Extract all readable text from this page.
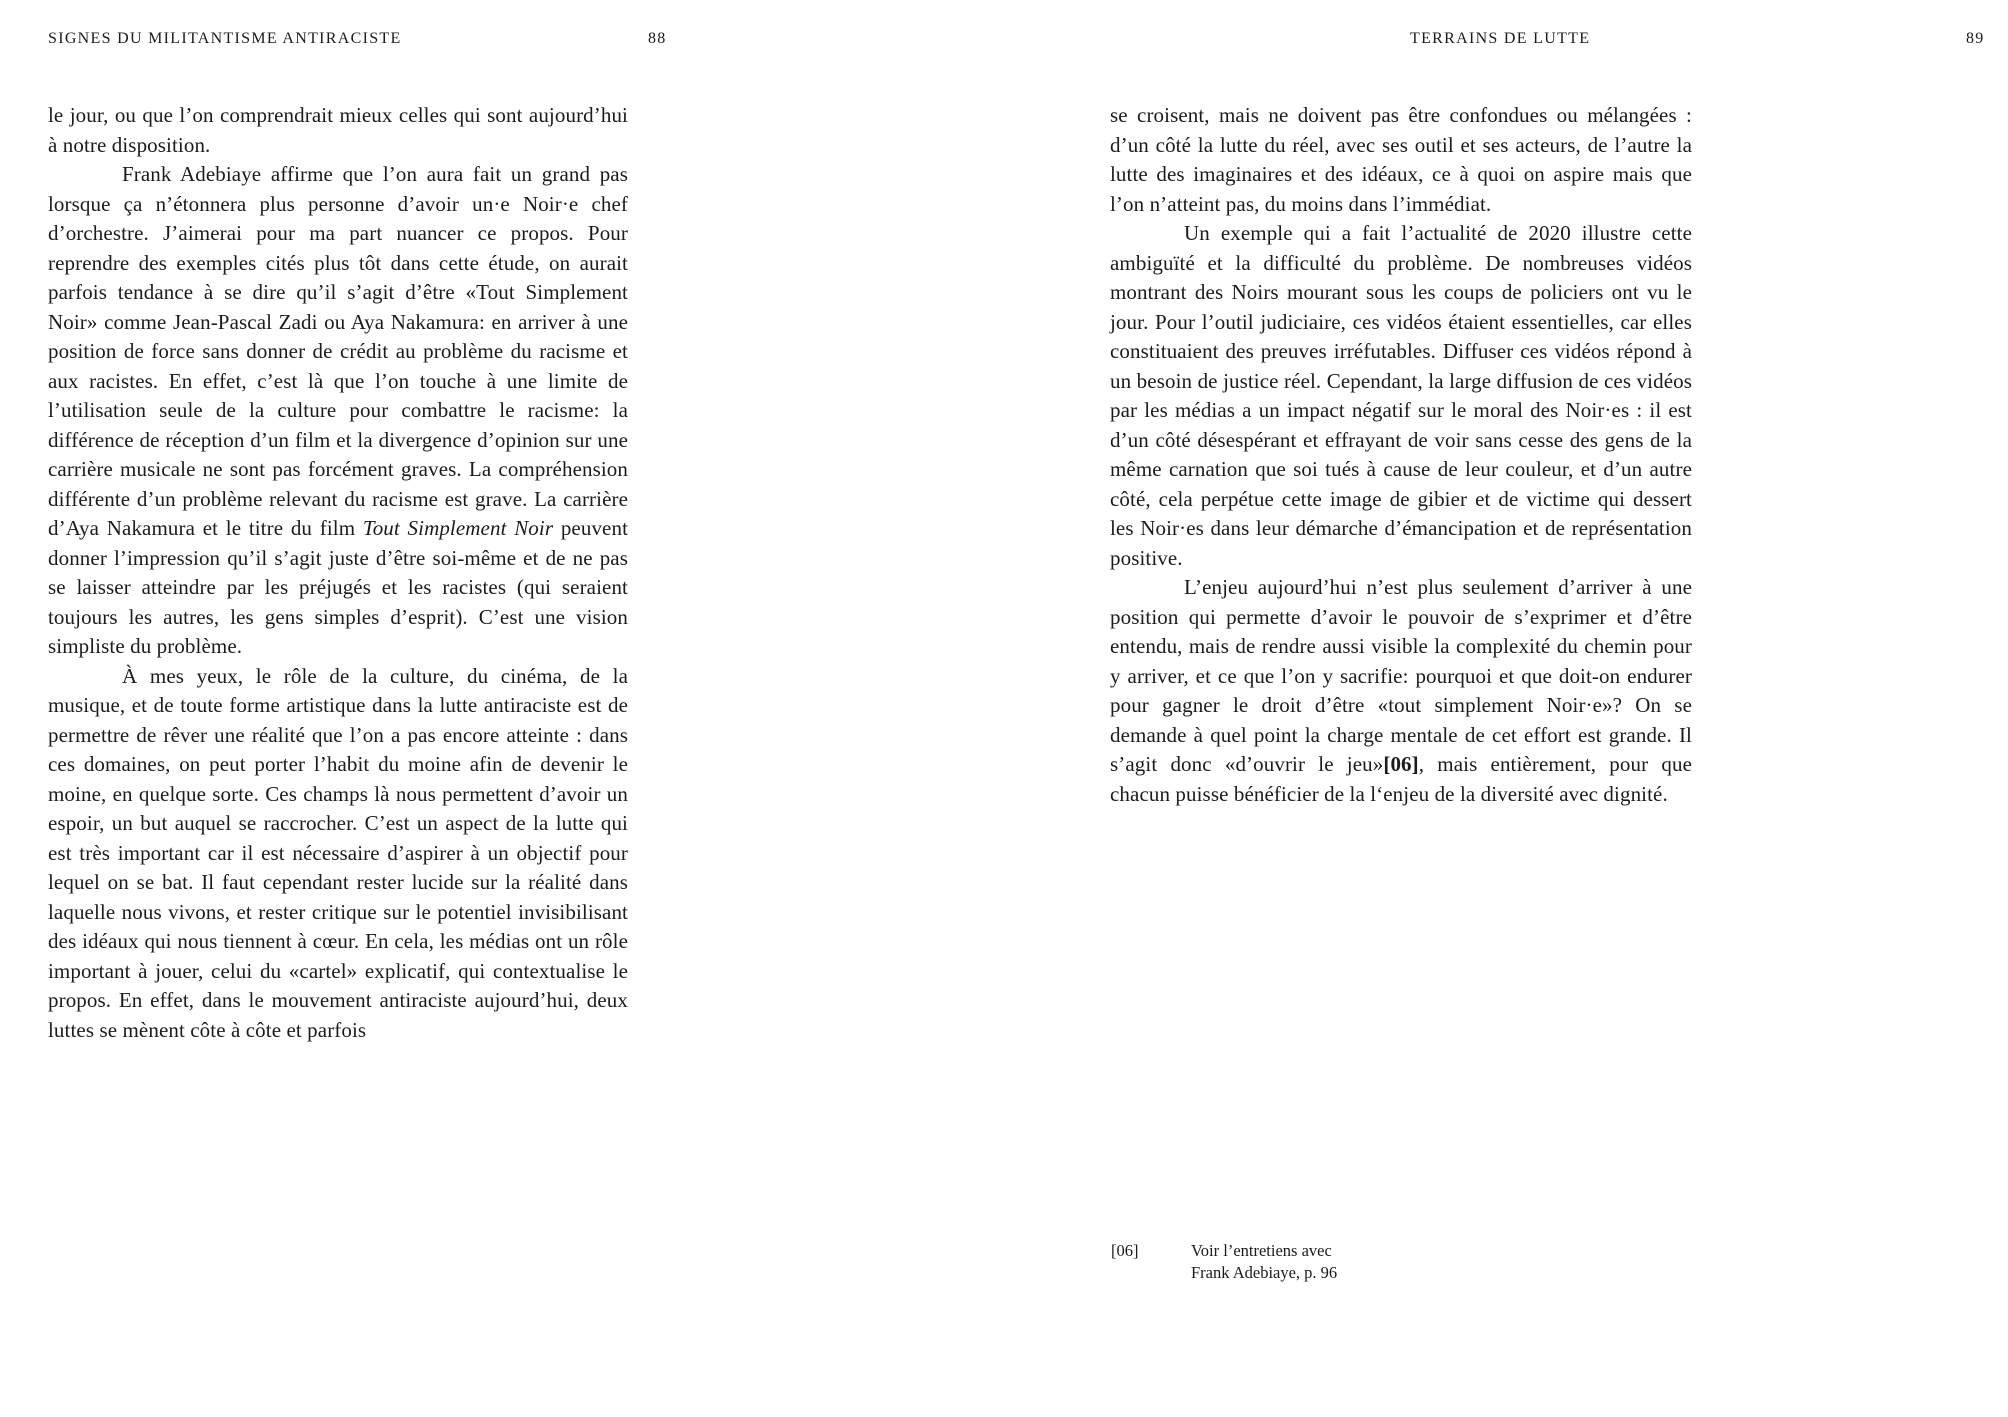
SIGNES DU MILITANTISME ANTIRACISTE	88	TERRAINS DE LUTTE	89

le jour, ou que l’on comprendrait mieux celles qui sont aujourd’hui à notre disposition.

Frank Adebiaye affirme que l’on aura fait un grand pas lorsque ça n’étonnera plus personne d’avoir un·e Noir·e chef d’orchestre. J’aimerai pour ma part nuancer ce propos. Pour reprendre des exemples cités plus tôt dans cette étude, on aurait parfois tendance à se dire qu’il s’agit d’être «Tout Simplement Noir» comme Jean-Pascal Zadi ou Aya Nakamura: en arriver à une position de force sans donner de crédit au problème du racisme et aux racistes. En effet, c’est là que l’on touche à une limite de l’utilisation seule de la culture pour combattre le racisme: la différence de réception d’un film et la divergence d’opinion sur une carrière musicale ne sont pas forcément graves. La compréhension différente d’un problème relevant du racisme est grave. La carrière d’Aya Nakamura et le titre du film Tout Simplement Noir peuvent donner l’impression qu’il s’agit juste d’être soi-même et de ne pas se laisser atteindre par les préjugés et les racistes (qui seraient toujours les autres, les gens simples d’esprit). C’est une vision simpliste du problème.

À mes yeux, le rôle de la culture, du cinéma, de la musique, et de toute forme artistique dans la lutte antiraciste est de permettre de rêver une réalité que l’on a pas encore atteinte : dans ces domaines, on peut porter l’habit du moine afin de devenir le moine, en quelque sorte. Ces champs là nous permettent d’avoir un espoir, un but auquel se raccrocher. C’est un aspect de la lutte qui est très important car il est nécessaire d’aspirer à un objectif pour lequel on se bat. Il faut cependant rester lucide sur la réalité dans laquelle nous vivons, et rester critique sur le potentiel invisibilisant des idéaux qui nous tiennent à cœur. En cela, les médias ont un rôle important à jouer, celui du «cartel» explicatif, qui contextualise le propos. En effet, dans le mouvement antiraciste aujourd’hui, deux luttes se mènent côte à côte et parfois

se croisent, mais ne doivent pas être confondues ou mélangées : d’un côté la lutte du réel, avec ses outil et ses acteurs, de l’autre la lutte des imaginaires et des idéaux, ce à quoi on aspire mais que l’on n’atteint pas, du moins dans l’immédiat.

Un exemple qui a fait l’actualité de 2020 illustre cette ambiguïté et la difficulté du problème. De nombreuses vidéos montrant des Noirs mourant sous les coups de policiers ont vu le jour. Pour l’outil judiciaire, ces vidéos étaient essentielles, car elles constituaient des preuves irréfutables. Diffuser ces vidéos répond à un besoin de justice réel. Cependant, la large diffusion de ces vidéos par les médias a un impact négatif sur le moral des Noir·es : il est d’un côté désespérant et effrayant de voir sans cesse des gens de la même carnation que soi tués à cause de leur couleur, et d’un autre côté, cela perpétue cette image de gibier et de victime qui dessert les Noir·es dans leur démarche d’émancipation et de représentation positive.

L’enjeu aujourd’hui n’est plus seulement d’arriver à une position qui permette d’avoir le pouvoir de s’exprimer et d’être entendu, mais de rendre aussi visible la complexité du chemin pour y arriver, et ce que l’on y sacrifie: pourquoi et que doit-on endurer pour gagner le droit d’être «tout simplement Noir·e»? On se demande à quel point la charge mentale de cet effort est grande. Il s’agit donc «d’ouvrir le jeu»[06], mais entièrement, pour que chacun puisse bénéficier de la l‘enjeu de la diversité avec dignité.

[06]	Voir l’entretiens avec
Frank Adebiaye, p. 96
